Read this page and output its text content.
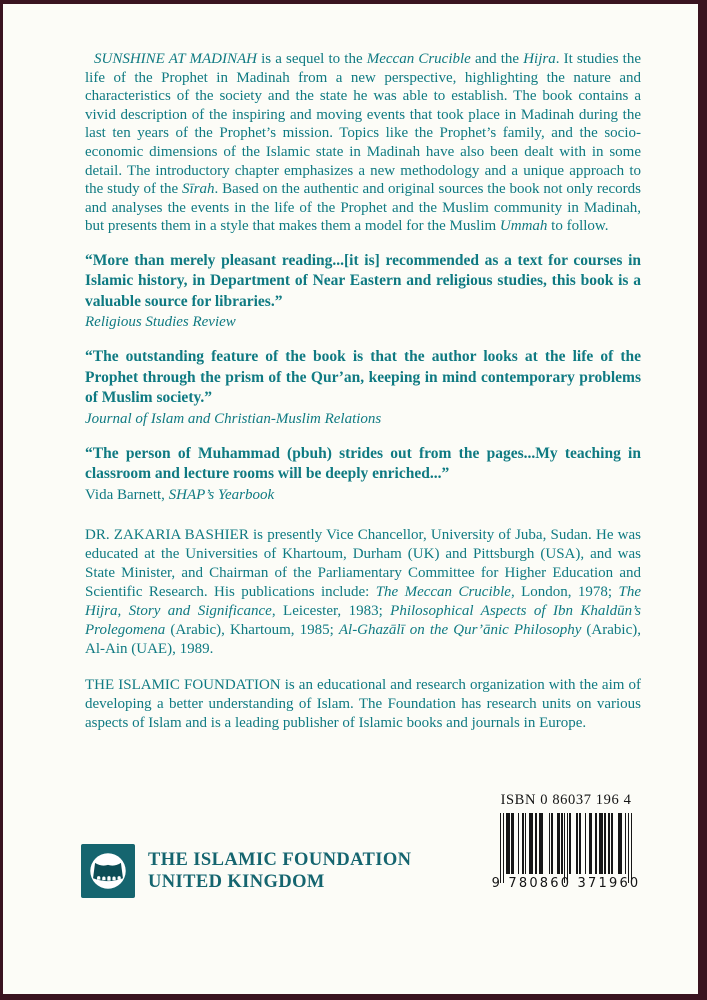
SUNSHINE AT MADINAH is a sequel to the Meccan Crucible and the Hijra. It studies the life of the Prophet in Madinah from a new perspective, highlighting the nature and characteristics of the society and the state he was able to establish. The book contains a vivid description of the inspiring and moving events that took place in Madinah during the last ten years of the Prophet’s mission. Topics like the Prophet’s family, and the socio-economic dimensions of the Islamic state in Madinah have also been dealt with in some detail. The introductory chapter emphasizes a new methodology and a unique approach to the study of the Sīrah. Based on the authentic and original sources the book not only records and analyses the events in the life of the Prophet and the Muslim community in Madinah, but presents them in a style that makes them a model for the Muslim Ummah to follow.

“More than merely pleasant reading...[it is] recommended as a text for courses in Islamic history, in Department of Near Eastern and religious studies, this book is a valuable source for libraries.”

Religious Studies Review

“The outstanding feature of the book is that the author looks at the life of the Prophet through the prism of the Qur’an, keeping in mind contemporary problems of Muslim society.”

Journal of Islam and Christian-Muslim Relations

“The person of Muhammad (pbuh) strides out from the pages...My teaching in classroom and lecture rooms will be deeply enriched...”

Vida Barnett, SHAP’s Yearbook

DR. ZAKARIA BASHIER is presently Vice Chancellor, University of Juba, Sudan. He was educated at the Universities of Khartoum, Durham (UK) and Pittsburgh (USA), and was State Minister, and Chairman of the Parliamentary Committee for Higher Education and Scientific Research. His publications include: The Meccan Crucible, London, 1978; The Hijra, Story and Significance, Leicester, 1983; Philosophical Aspects of Ibn Khaldūn’s Prolegomena (Arabic), Khartoum, 1985; Al-Ghazālī on the Qur’ānic Philosophy (Arabic), Al-Ain (UAE), 1989.

THE ISLAMIC FOUNDATION is an educational and research organization with the aim of developing a better understanding of Islam. The Foundation has research units on various aspects of Islam and is a leading publisher of Islamic books and journals in Europe.

ISBN 0 86037 196 4
9 780860 371960
THE ISLAMIC FOUNDATION
UNITED KINGDOM
